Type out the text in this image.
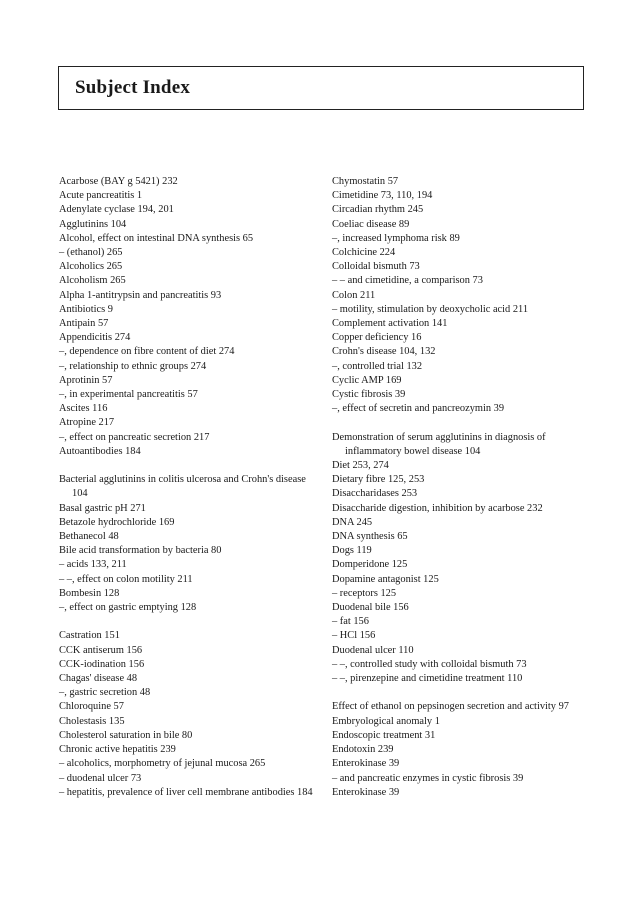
Subject Index

Acarbose (BAY g 5421) 232

Acute pancreatitis 1

Adenylate cyclase 194, 201

Agglutinins 104

Alcohol, effect on intestinal DNA synthesis 65

– (ethanol) 265

Alcoholics 265

Alcoholism 265

Alpha 1-antitrypsin and pancreatitis 93

Antibiotics 9

Antipain 57

Appendicitis 274

–, dependence on fibre content of diet 274

–, relationship to ethnic groups 274

Aprotinin 57

–, in experimental pancreatitis 57

Ascites 116

Atropine 217

–, effect on pancreatic secretion 217

Autoantibodies 184

Bacterial agglutinins in colitis ulcerosa and Crohn's disease 104

Basal gastric pH 271

Betazole hydrochloride 169

Bethanecol 48

Bile acid transformation by bacteria 80

– acids 133, 211

– –, effect on colon motility 211

Bombesin 128

–, effect on gastric emptying 128

Castration 151

CCK antiserum 156

CCK-iodination 156

Chagas' disease 48

–, gastric secretion 48

Chloroquine 57

Cholestasis 135

Cholesterol saturation in bile 80

Chronic active hepatitis 239

– alcoholics, morphometry of jejunal mucosa 265

– duodenal ulcer 73

– hepatitis, prevalence of liver cell membrane antibodies 184

Chymostatin 57

Cimetidine 73, 110, 194

Circadian rhythm 245

Coeliac disease 89

–, increased lymphoma risk 89

Colchicine 224

Colloidal bismuth 73

– – and cimetidine, a comparison 73

Colon 211

– motility, stimulation by deoxycholic acid 211

Complement activation 141

Copper deficiency 16

Crohn's disease 104, 132

–, controlled trial 132

Cyclic AMP 169

Cystic fibrosis 39

–, effect of secretin and pancreozymin 39

Demonstration of serum agglutinins in diagnosis of inflammatory bowel disease 104

Diet 253, 274

Dietary fibre 125, 253

Disaccharidases 253

Disaccharide digestion, inhibition by acarbose 232

DNA 245

DNA synthesis 65

Dogs 119

Domperidone 125

Dopamine antagonist 125

– receptors 125

Duodenal bile 156

– fat 156

– HCl 156

Duodenal ulcer 110

– –, controlled study with colloidal bismuth 73

– –, pirenzepine and cimetidine treatment 110

Effect of ethanol on pepsinogen secretion and activity 97

Embryological anomaly 1

Endoscopic treatment 31

Endotoxin 239

Enterokinase 39

– and pancreatic enzymes in cystic fibrosis 39

Enterokinase 39
